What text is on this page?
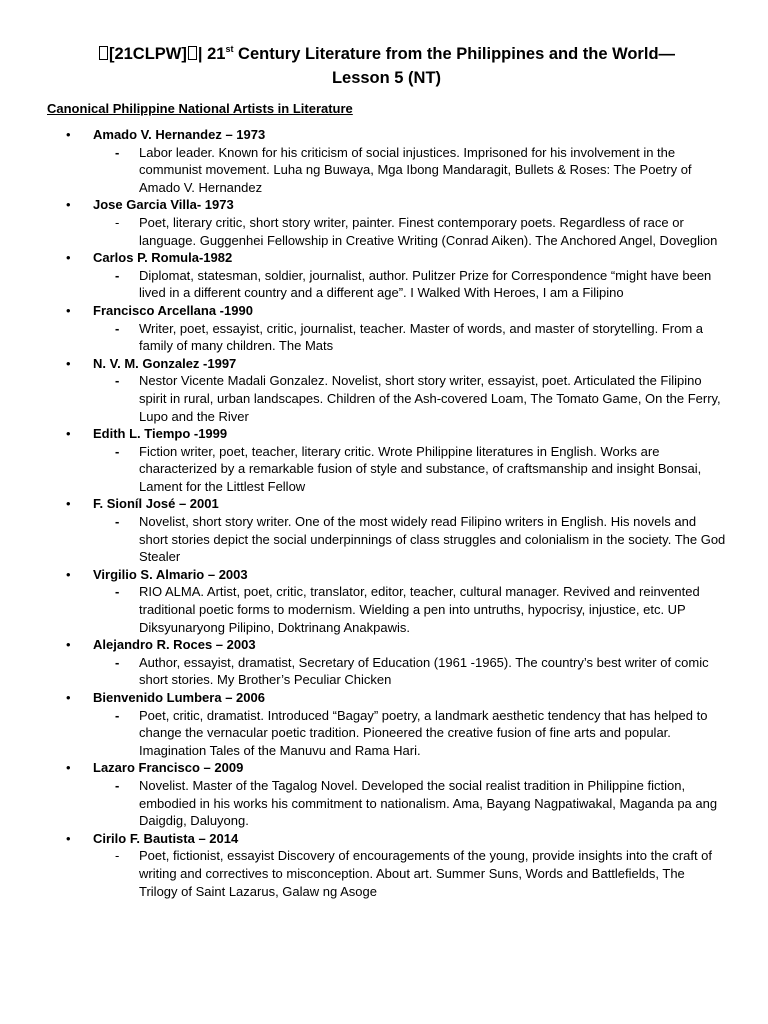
[21CLPW] | 21st Century Literature from the Philippines and the World—
Lesson 5 (NT)
Canonical Philippine National Artists in Literature
• Amado V. Hernandez – 1973
- Labor leader. Known for his criticism of social injustices. Imprisoned for his involvement in the communist movement. Luha ng Buwaya, Mga Ibong Mandaragit, Bullets & Roses: The Poetry of Amado V. Hernandez
• Jose Garcia Villa- 1973
- Poet, literary critic, short story writer, painter. Finest contemporary poets. Regardless of race or language. Guggenhei Fellowship in Creative Writing (Conrad Aiken). The Anchored Angel, Doveglion
• Carlos P. Romula-1982
- Diplomat, statesman, soldier, journalist, author. Pulitzer Prize for Correspondence “might have been lived in a different country and a different age”. I Walked With Heroes, I am a Filipino
• Francisco Arcellana -1990
- Writer, poet, essayist, critic, journalist, teacher. Master of words, and master of storytelling. From a family of many children. The Mats
• N. V. M. Gonzalez -1997
- Nestor Vicente Madali Gonzalez. Novelist, short story writer, essayist, poet. Articulated the Filipino spirit in rural, urban landscapes. Children of the Ash-covered Loam, The Tomato Game, On the Ferry, Lupo and the River
• Edith L. Tiempo -1999
- Fiction writer, poet, teacher, literary critic. Wrote Philippine literatures in English. Works are characterized by a remarkable fusion of style and substance, of craftsmanship and insight Bonsai, Lament for the Littlest Fellow
• F. Sioníl José – 2001
- Novelist, short story writer. One of the most widely read Filipino writers in English. His novels and short stories depict the social underpinnings of class struggles and colonialism in the society. The God Stealer
• Virgilio S. Almario – 2003
- RIO ALMA. Artist, poet, critic, translator, editor, teacher, cultural manager. Revived and reinvented traditional poetic forms to modernism. Wielding a pen into untruths, hypocrisy, injustice, etc. UP Diksyunaryong Pilipino, Doktrinang Anakpawis.
• Alejandro R. Roces – 2003
- Author, essayist, dramatist, Secretary of Education (1961 -1965). The country’s best writer of comic short stories. My Brother’s Peculiar Chicken
• Bienvenido Lumbera – 2006
- Poet, critic, dramatist. Introduced “Bagay” poetry, a landmark aesthetic tendency that has helped to change the vernacular poetic tradition. Pioneered the creative fusion of fine arts and popular. Imagination Tales of the Manuvu and Rama Hari.
• Lazaro Francisco – 2009
- Novelist. Master of the Tagalog Novel. Developed the social realist tradition in Philippine fiction, embodied in his works his commitment to nationalism. Ama, Bayang Nagpatiwakal, Maganda pa ang Daigdig, Daluyong.
• Cirilo F. Bautista – 2014
- Poet, fictionist, essayist Discovery of encouragements of the young, provide insights into the craft of writing and correctives to misconception. About art. Summer Suns, Words and Battlefields, The Trilogy of Saint Lazarus, Galaw ng Asoge
